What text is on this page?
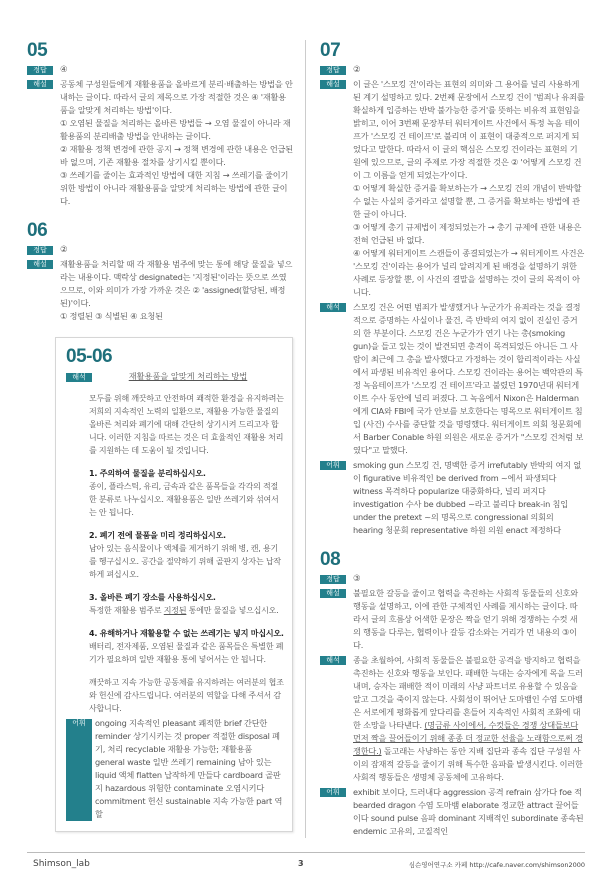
05
정답	④
해설	공동체 구성원들에게 재활용품을 올바르게 분리·배출하는 방법을 안내하는 글이다. 따라서 글의 제목으로 가장 적절한 것은 ④ '재활용품을 알맞게 처리하는 방법'이다.

① 오염된 물질을 처리하는 올바른 방법들 → 오염 물질이 아니라 재활용품의 분리배출 방법을 안내하는 글이다.

② 재활용 정책 변경에 관한 공지 → 정책 변경에 관한 내용은 언급된 바 없으며, 기존 재활용 절차를 상기시킬 뿐이다.

③ 쓰레기를 줄이는 효과적인 방법에 대한 지침 → 쓰레기를 줄이기 위한 방법이 아니라 재활용품을 알맞게 처리하는 방법에 관한 글이다.

06
정답	②
해설	재활용품을 처리할 때 각 재활용 범주에 맞는 통에 해당 물질을 넣으라는 내용이다. 맥락상 designated는 '지정된'이라는 뜻으로 쓰였으므로, 이와 의미가 가장 가까운 것은 ② 'assigned(할당된, 배정된)'이다.

① 정렬된 ③ 식별된 ④ 요청된

05-06
해석	재활용품을 알맞게 처리하는 방법

모두를 위해 깨끗하고 안전하며 쾌적한 환경을 유지하려는 저희의 지속적인 노력의 일환으로, 재활용 가능한 물질의 올바른 처리와 폐기에 대해 간단히 상기시켜 드리고자 합니다. 이러한 지침을 따르는 것은 더 효율적인 재활용 처리를 지원하는 데 도움이 될 것입니다.

1. 주의하여 물질을 분리하십시오.
종이, 플라스틱, 유리, 금속과 같은 품목들을 각각의 적절한 분류로 나누십시오. 재활용품은 일반 쓰레기와 섞여서는 안 됩니다.

2. 폐기 전에 물품을 미리 정리하십시오.
남아 있는 음식물이나 액체를 제거하기 위해 병, 캔, 용기를 헹구십시오. 공간을 절약하기 위해 골판지 상자는 납작하게 펴십시오.

3. 올바른 폐기 장소를 사용하십시오.
특정한 재활용 범주로 지정된 통에만 물질을 넣으십시오.

4. 유해하거나 재활용할 수 없는 쓰레기는 넣지 마십시오.
배터리, 전자제품, 오염된 물질과 같은 품목들은 특별한 폐기가 필요하며 일반 재활용 통에 넣어서는 안 됩니다.

깨끗하고 지속 가능한 공동체를 유지하려는 여러분의 협조와 헌신에 감사드립니다. 여러분의 역할을 다해 주셔서 감사합니다.

어휘	ongoing 지속적인 pleasant 쾌적한 brief 간단한 reminder 상기시키는 것 proper 적절한 disposal 폐기, 처리 recyclable 재활용 가능한; 재활용품 general waste 일반 쓰레기 remaining 남아 있는 liquid 액체 flatten 납작하게 만들다 cardboard 골판지 hazardous 위험한 contaminate 오염시키다 commitment 헌신 sustainable 지속 가능한 part 역할
07
정답	②
해설	이 글은 '스모킹 건'이라는 표현의 의미와 그 용어를 널리 사용하게 된 계기 설명하고 있다. 2번째 문장에서 스모킹 건이 '범죄나 유죄를 확실하게 입증하는 반박 불가능한 증거'를 뜻하는 비유적 표현임을 밝히고, 이어 3번째 문장부터 워터게이트 사건에서 특정 녹음 테이프가 '스모킹 건 테이프'로 불리며 이 표현이 대중적으로 퍼지게 되었다고 말한다. 따라서 이 글의 핵심은 스모킹 건이라는 표현의 기원에 있으므로, 글의 주제로 가장 적절한 것은 ② '어떻게 스모킹 건이 그 이름을 얻게 되었는가'이다.

① 어떻게 확실한 증거를 확보하는가 → 스모킹 건의 개념이 반박할 수 없는 사실의 증거라고 설명할 뿐, 그 증거를 확보하는 방법에 관한 글이 아니다.

③ 어떻게 총기 규제법이 제정되었는가 → 총기 규제에 관한 내용은 전혀 언급된 바 없다.

④ 어떻게 워터게이트 스캔들이 종결되었는가 → 워터게이트 사건은 '스모킹 건'이라는 용어가 널리 알려지게 된 배경을 설명하기 위한 사례로 등장할 뿐, 이 사건의 결말을 설명하는 것이 글의 목적이 아니다.

해석	스모킹 건은 어떤 범죄가 발생했거나 누군가가 유죄라는 것을 결정적으로 증명하는 사실이나 물건, 즉 반박의 여지 없이 진실인 증거의 한 부분이다. 스모킹 건은 누군가가 연기 나는 총(smoking gun)을 들고 있는 것이 발견되면 총격이 목격되었든 아니든 그 사람이 최근에 그 총을 발사했다고 가정하는 것이 합리적이라는 사실에서 파생된 비유적인 용어다. 스모킹 건이라는 용어는 백악관의 특정 녹음테이프가 '스모킹 건 테이프'라고 불렸던 1970년대 워터게이트 수사 동안에 널리 퍼졌다. 그 녹음에서 Nixon은 Halderman에게 CIA와 FBI에 국가 안보를 보호한다는 명목으로 워터게이트 침입 (사건) 수사를 중단할 것을 명령했다. 워터게이트 의회 청문회에서 Barber Conable 하원 의원은 새로운 증거가 "스모킹 건처럼 보였다"고 말했다.
어휘	smoking gun 스모킹 건, 명백한 증거 irrefutably 반박의 여지 없이 figurative 비유적인 be derived from ~에서 파생되다 witness 목격하다 popularize 대중화하다, 널리 퍼지다 investigation 수사 be dubbed ~라고 불리다 break-in 침입 under the pretext ~의 명목으로 congressional 의회의 hearing 청문회 representative 하원 의원 enact 제정하다
08
정답	③
해설	불필요한 갈등을 줄이고 협력을 촉진하는 사회적 동물들의 신호와 행동을 설명하고, 이에 관한 구체적인 사례를 제시하는 글이다. 따라서 글의 흐름상 어색한 문장은 짝을 얻기 위해 경쟁하는 수컷 새의 행동을 다루는, 협력이나 갈등 감소와는 거리가 먼 내용의 ③이다.
해석	종을 초월하여, 사회적 동물들은 불필요한 공격을 방지하고 협력을 촉진하는 신호와 행동을 보인다. 패배한 늑대는 승자에게 목을 드러내며, 승자는 패배한 적이 미래의 사냥 파트너로 유용할 수 있음을 알고 그것을 죽이지 않는다. 사회성이 뛰어난 도마뱀인 수염 도마뱀은 서로에게 평화롭게 앞다리를 흔들어 지속적인 사회적 조화에 대한 소망을 나타낸다. (명금류 사이에서, 수컷들은 경쟁 상대들보다 먼저 짝을 끌어들이기 위해 종종 더 정교한 선율을 노래함으로써 경쟁한다.) 돌고래는 사냥하는 동안 지배 집단과 종속 집단 구성원 사이의 잠재적 갈등을 줄이기 위해 특수한 음파를 발생시킨다. 이러한 사회적 행동들은 생명체 공동체에 고유하다.
어휘	exhibit 보이다, 드러내다 aggression 공격 refrain 삼가다 foe 적 bearded dragon 수염 도마뱀 elaborate 정교한 attract 끌어들이다 sound pulse 음파 dominant 지배적인 subordinate 종속된 endemic 고유의, 고질적인
Shimson_lab	3	심슨영어연구소 카페 http://cafe.naver.com/shimson2000
